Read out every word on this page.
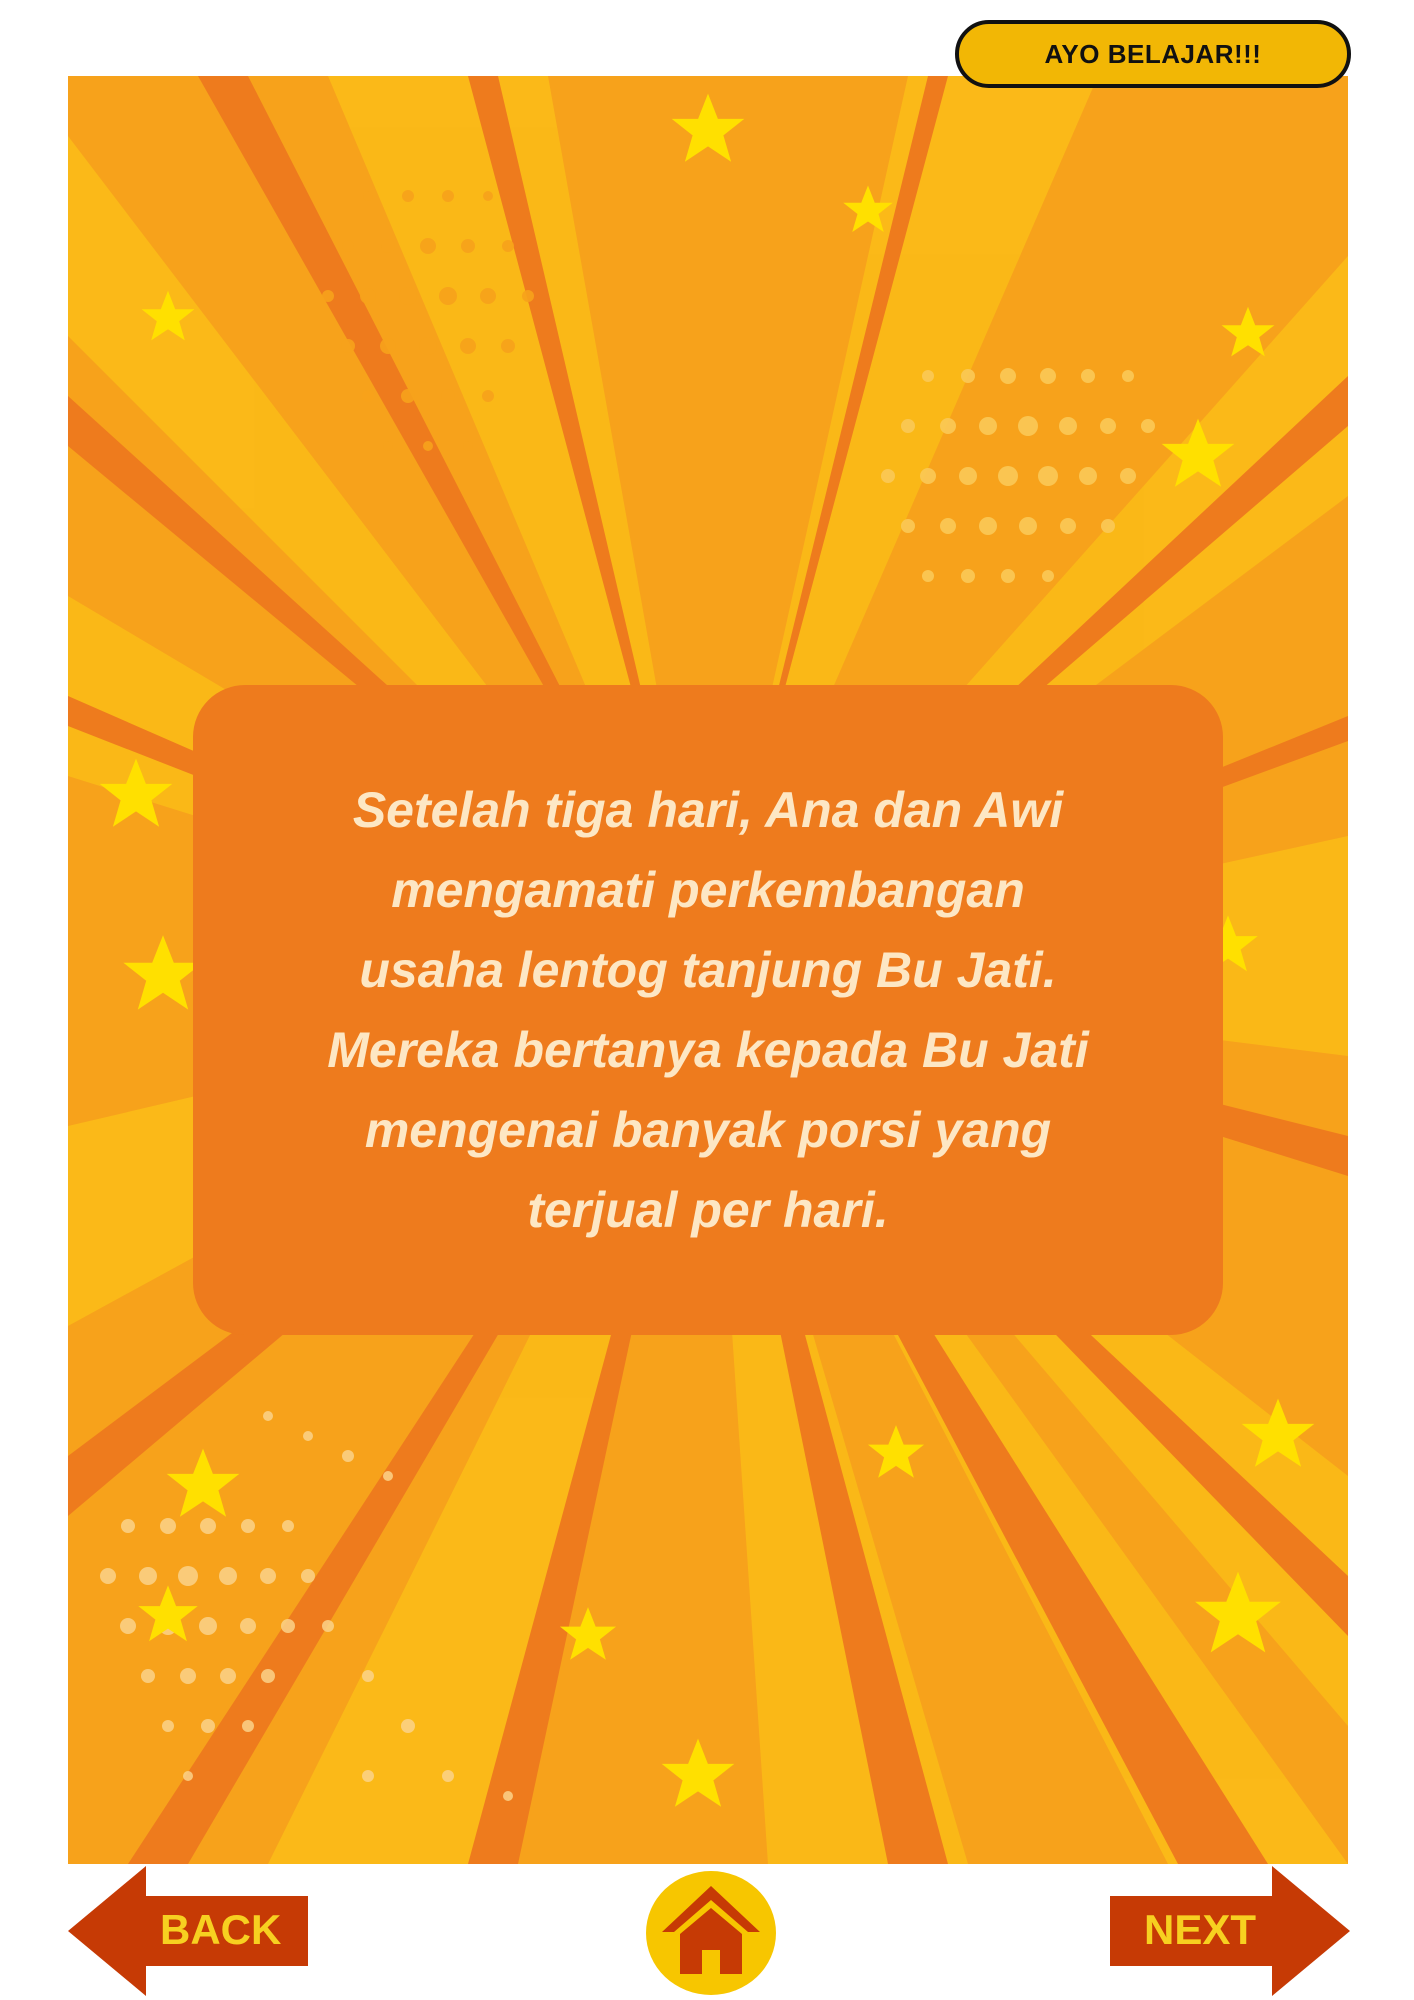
AYO BELAJAR!!!

Setelah tiga hari, Ana dan Awi
mengamati perkembangan
usaha lentog tanjung Bu Jati.
Mereka bertanya kepada Bu Jati
mengenai banyak porsi yang
terjual per hari.

BACK	NEXT
